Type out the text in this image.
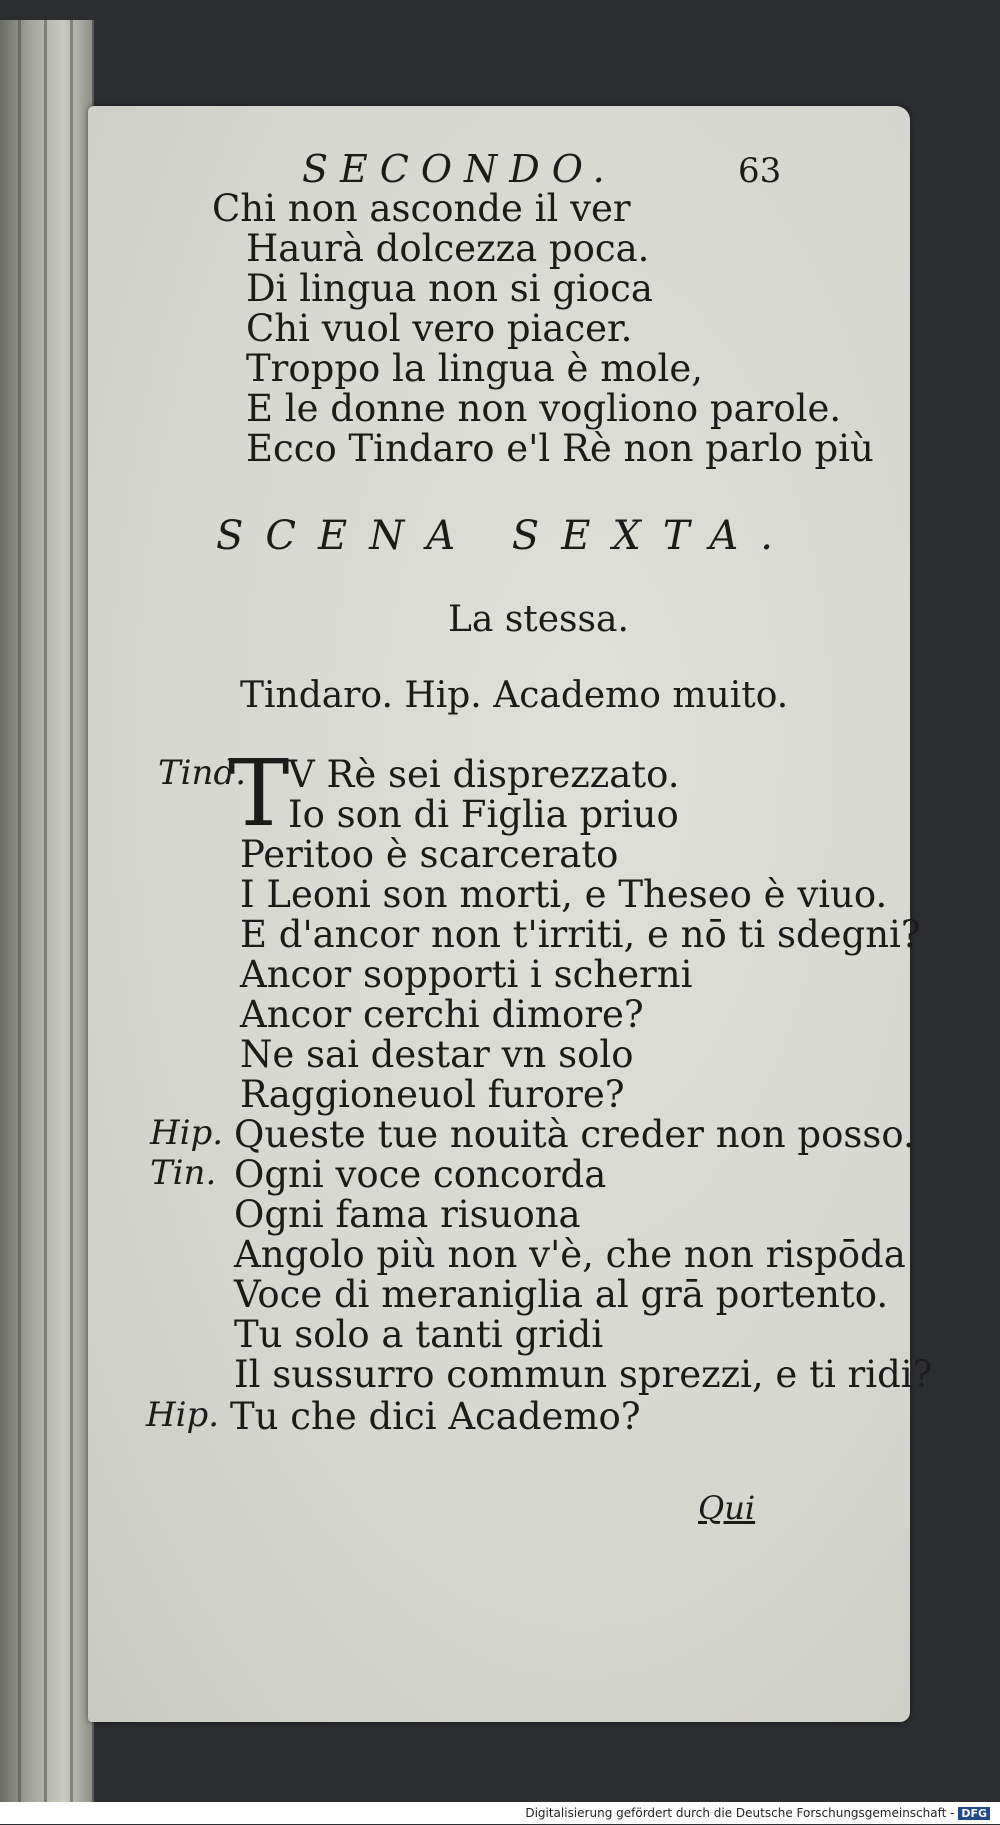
SECONDO.	63
Chi non asconde il ver
Haurà dolcezza poca.
Di lingua non si gioca
Chi vuol vero piacer.
Troppo la lingua è mole,
E le donne non vogliono parole.
Ecco Tindaro e'l Rè non parlo più
SCENA SEXTA.
La stessa.
Tindaro. Hip. Academo muito.
Tind.
T
V Rè sei disprezzato.
Io son di Figlia priuo
Peritoo è scarcerato
I Leoni son morti, e Theseo è viuo.
E d'ancor non t'irriti, e nō ti sdegni?
Ancor sopporti i scherni
Ancor cerchi dimore?
Ne sai destar vn solo
Raggioneuol furore?
Hip. Queste tue nouità creder non posso.
Tin. Ogni voce concorda
Ogni fama risuona
Angolo più non v'è, che non rispōda
Voce di meraniglia al grā portento.
Tu solo a tanti gridi
Il sussurro commun sprezzi, e ti ridi?
Hip. Tu che dici Academo?
Qui
Digitalisierung gefördert durch die Deutsche Forschungsgemeinschaft - DFG
